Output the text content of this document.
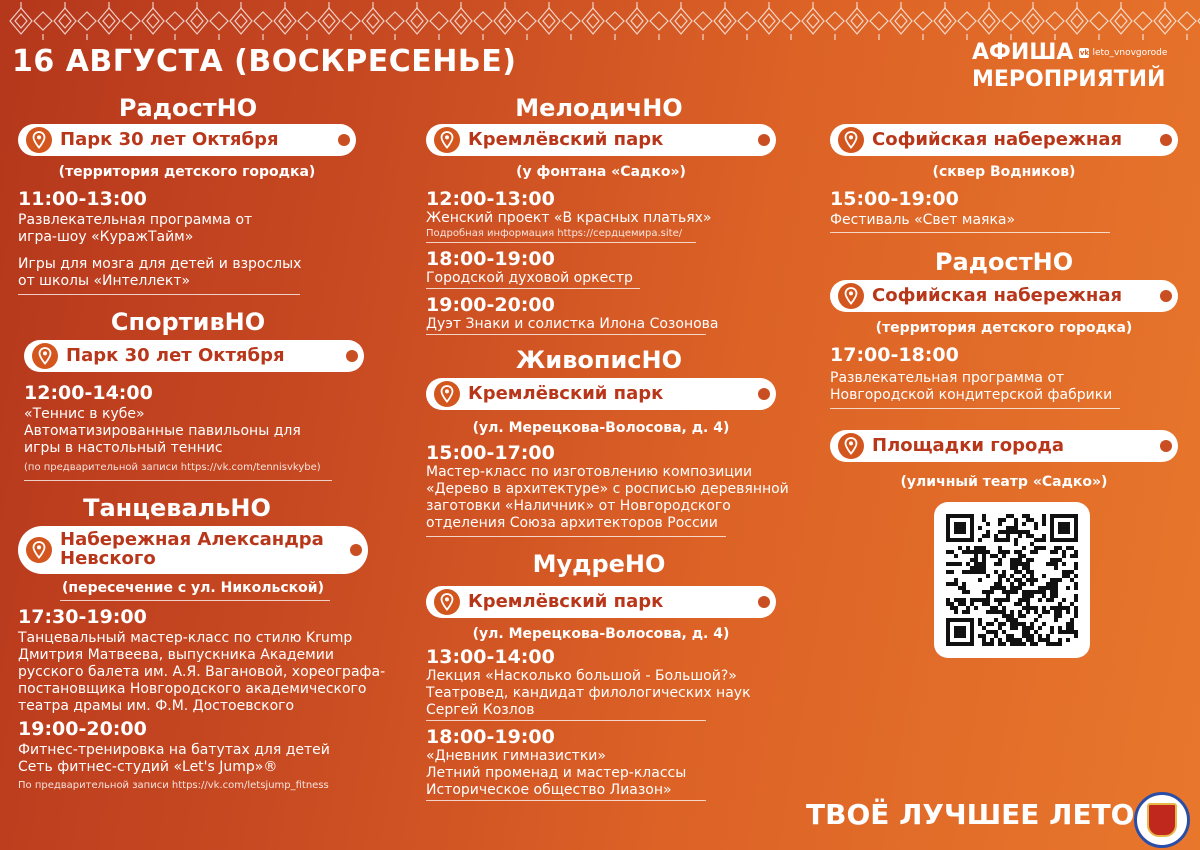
16 АВГУСТА (ВОСКРЕСЕНЬЕ)	АФИША vk leto_vnovgorode
МЕРОПРИЯТИЙ
РадостНО
Парк 30 лет Октября
(территория детского городка)
11:00-13:00
Развлекательная программа от
игра-шоу «КуражТайм»
Игры для мозга для детей и взрослых
от школы «Интеллект»
СпортивНО
Парк 30 лет Октября
12:00-14:00
«Теннис в кубе»
Автоматизированные павильоны для
игры в настольный теннис
(по предварительной записи https://vk.com/tennisvkybe)
ТанцевальНО
Набережная Александра Невского
(пересечение с ул. Никольской)
17:30-19:00
Танцевальный мастер-класс по стилю Krump
Дмитрия Матвеева, выпускника Академии
русского балета им. А.Я. Вагановой, хореографа-
постановщика Новгородского академического
театра драмы им. Ф.М. Достоевского
19:00-20:00
Фитнес-тренировка на батутах для детей
Сеть фитнес-студий «Let's Jump»®
По предварительной записи https://vk.com/letsjump_fitness
МелодичНО
Кремлёвский парк
(у фонтана «Садко»)
12:00-13:00
Женский проект «В красных платьях»
Подробная информация https://сердцемира.site/
18:00-19:00
Городской духовой оркестр
19:00-20:00
Дуэт Знаки и солистка Илона Созонова
ЖивописНО
Кремлёвский парк
(ул. Мерецкова-Волосова, д. 4)
15:00-17:00
Мастер-класс по изготовлению композиции
«Дерево в архитектуре» с росписью деревянной
заготовки «Наличник» от Новгородского
отделения Союза архитекторов России
МудреНО
Кремлёвский парк
(ул. Мерецкова-Волосова, д. 4)
13:00-14:00
Лекция «Насколько большой - Большой?»
Театровед, кандидат филологических наук
Сергей Козлов
18:00-19:00
«Дневник гимназистки»
Летний променад и мастер-классы
Историческое общество Лиазон»
Софийская набережная
(сквер Водников)
15:00-19:00
Фестиваль «Свет маяка»
РадостНО
Софийская набережная
(территория детского городка)
17:00-18:00
Развлекательная программа от
Новгородской кондитерской фабрики
Площадки города
(уличный театр «Садко»)
ТВОЁ ЛУЧШЕЕ ЛЕТО
